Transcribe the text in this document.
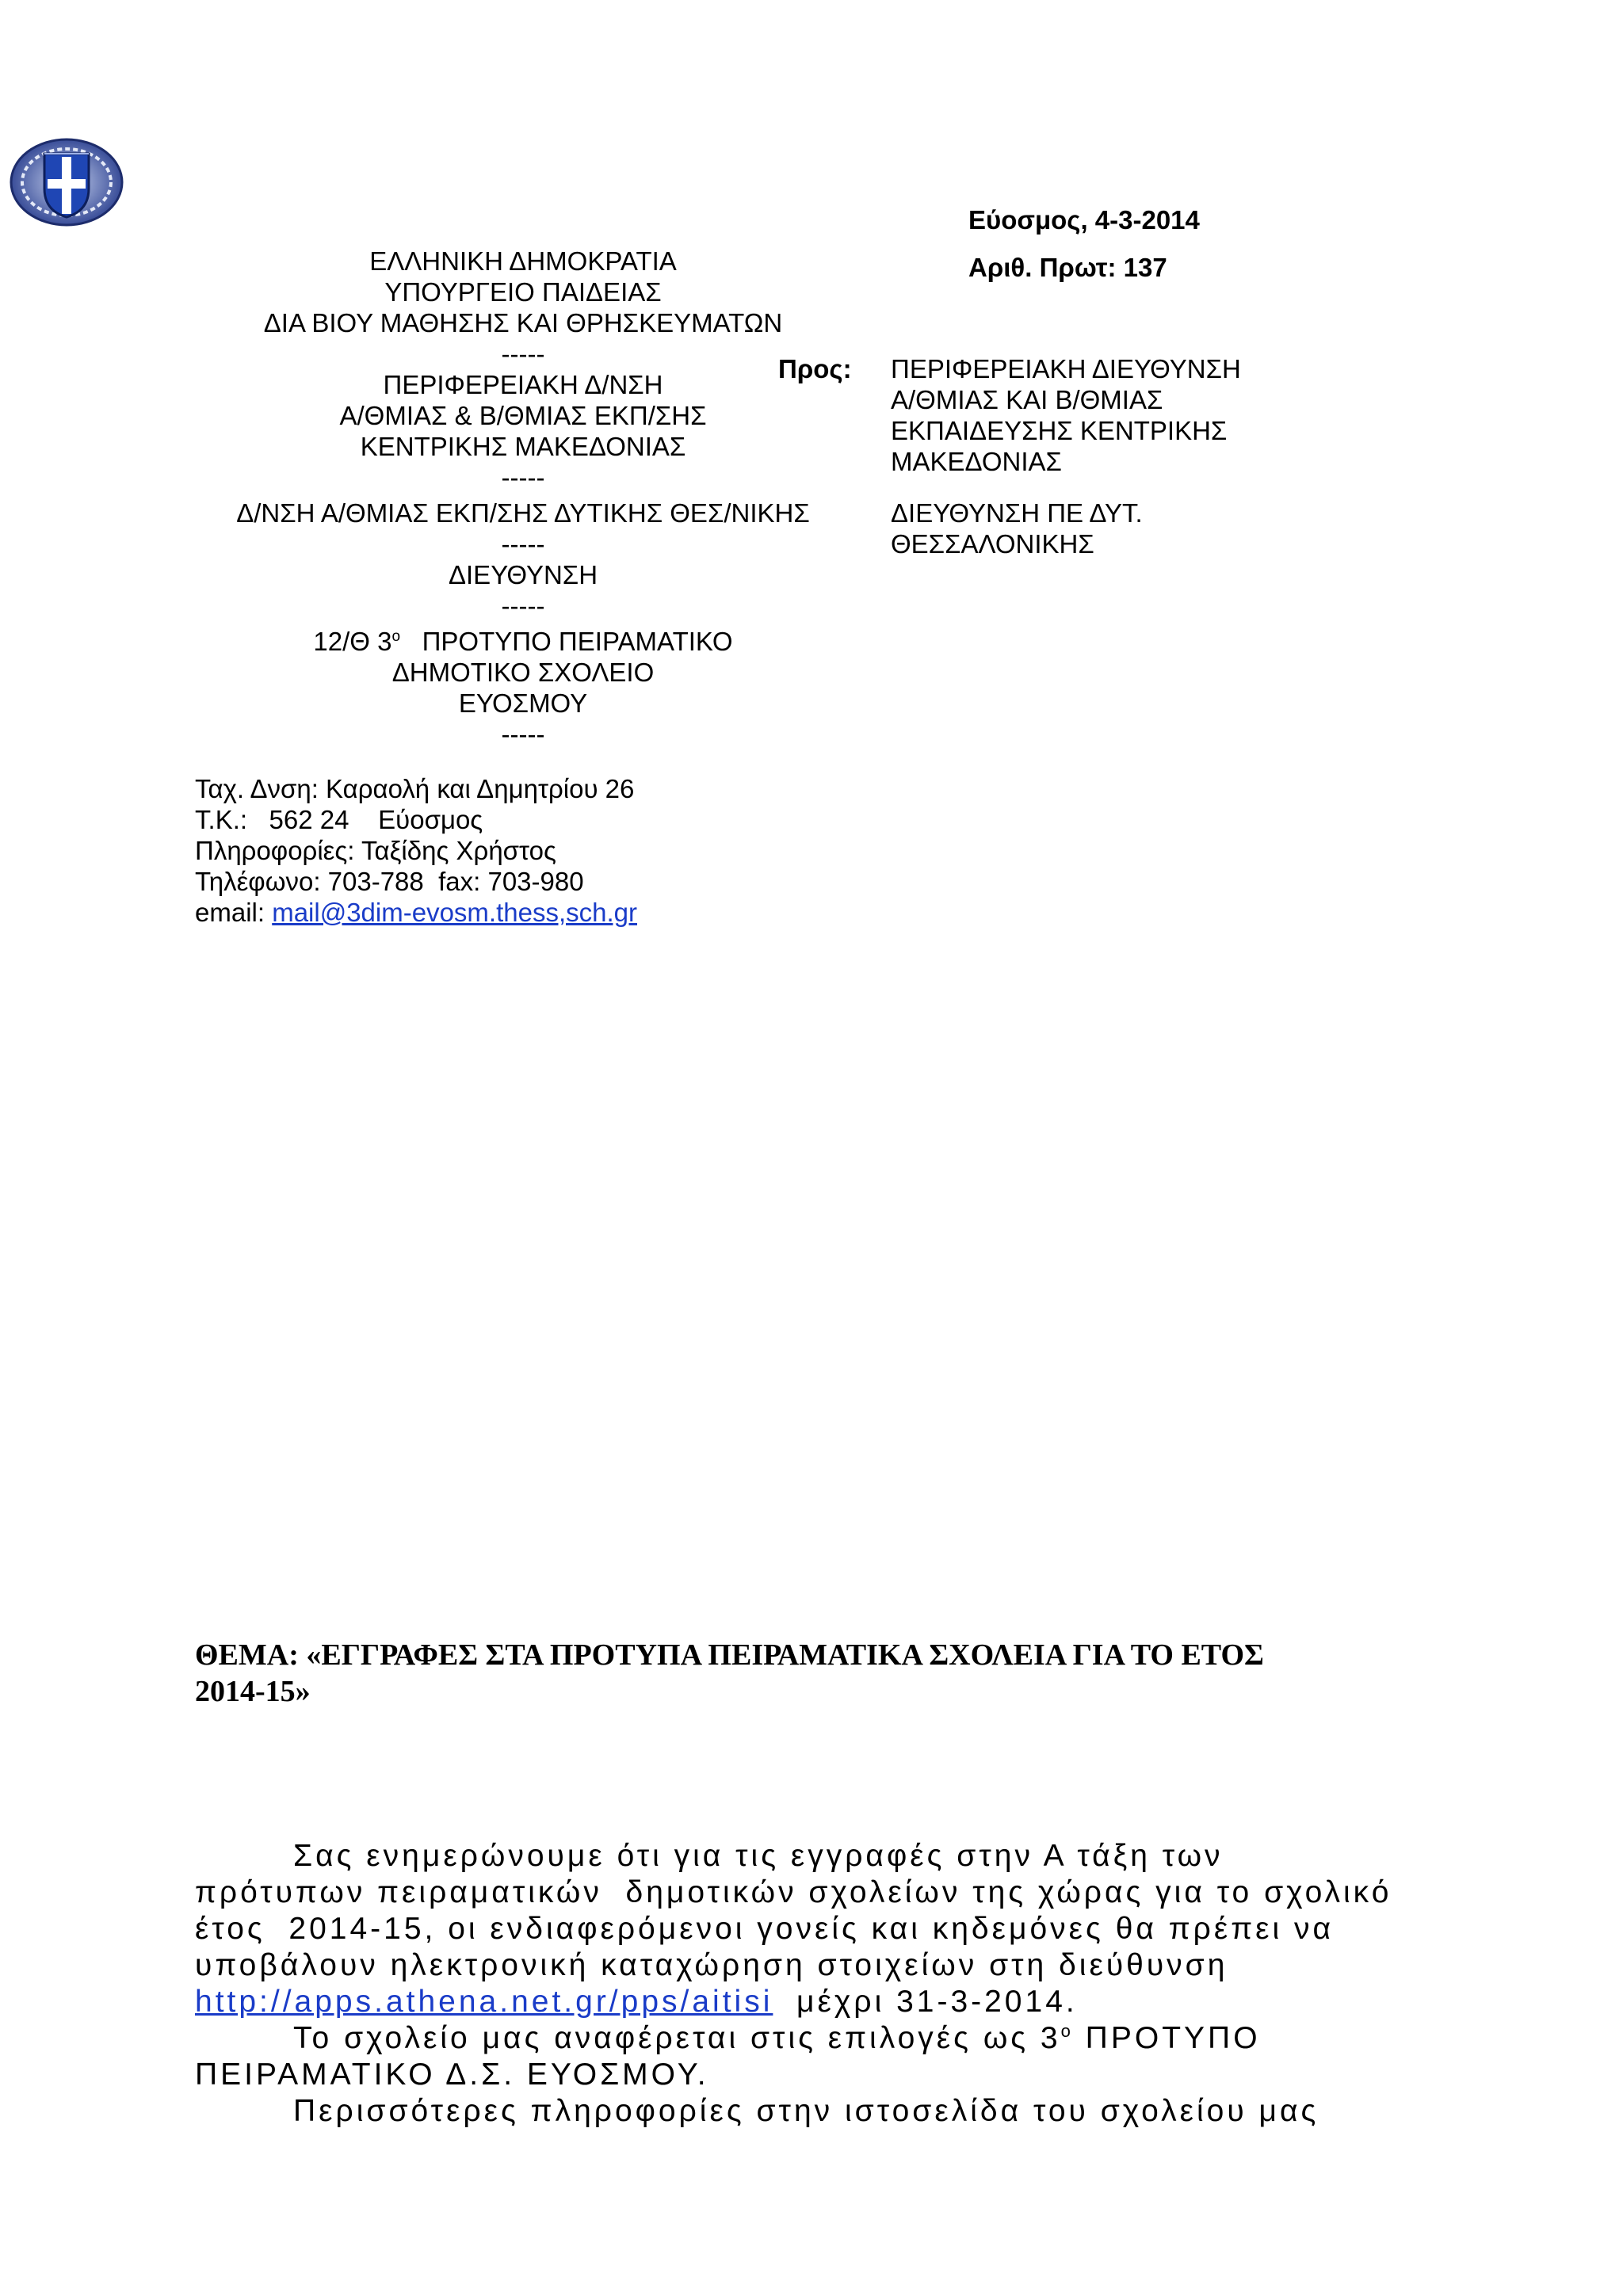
ΕΛΛΗΝΙΚΗ ΔΗΜΟΚΡΑΤΙΑ
ΥΠΟΥΡΓΕΙΟ ΠΑΙΔΕΙΑΣ
ΔΙΑ ΒΙΟΥ ΜΑΘΗΣΗΣ ΚΑΙ ΘΡΗΣΚΕΥΜΑΤΩΝ
-----
ΠΕΡΙΦΕΡΕΙΑΚΗ Δ/ΝΣΗ
Α/ΘΜΙΑΣ & Β/ΘΜΙΑΣ ΕΚΠ/ΣΗΣ
ΚΕΝΤΡΙΚΗΣ ΜΑΚΕΔΟΝΙΑΣ
-----
Δ/ΝΣΗ Α/ΘΜΙΑΣ ΕΚΠ/ΣΗΣ ΔΥΤΙΚΗΣ ΘΕΣ/ΝΙΚΗΣ
-----
ΔΙΕΥΘΥΝΣΗ
-----
12/Θ $3^o$   ΠΡΟΤΥΠΟ ΠΕΙΡΑΜΑΤΙΚΟ
ΔΗΜΟΤΙΚΟ ΣΧΟΛΕΙΟ
ΕΥΟΣΜΟΥ
-----
Ταχ. Δνση: Καραολή και Δημητρίου 26
Τ.Κ.:   562 24    Εύοσμος
Πληροφορίες: Ταξίδης Χρήστος
Τηλέφωνο: 703-788  fax: 703-980
email: mail@3dim-evosm.thess,sch.gr
Εύοσμος, 4-3-2014
Αριθ. Πρωτ: 137
Προς: ΠΕΡΙΦΕΡΕΙΑΚΗ ΔΙΕΥΘΥΝΣΗ
Α/ΘΜΙΑΣ ΚΑΙ Β/ΘΜΙΑΣ
ΕΚΠΑΙΔΕΥΣΗΣ ΚΕΝΤΡΙΚΗΣ
ΜΑΚΕΔΟΝΙΑΣ
ΔΙΕΥΘΥΝΣΗ ΠΕ ΔΥΤ.
ΘΕΣΣΑΛΟΝΙΚΗΣ
ΘΕΜΑ: «ΕΓΓΡΑΦΕΣ ΣΤΑ ΠΡΟΤΥΠΑ ΠΕΙΡΑΜΑΤΙΚΑ ΣΧΟΛΕΙΑ ΓΙΑ ΤΟ ΕΤΟΣ
2014-15»
Σας ενημερώνουμε ότι για τις εγγραφές στην Α τάξη των
πρότυπων πειραματικών  δημοτικών σχολείων της χώρας για το σχολικό
έτος  2014-15, οι ενδιαφερόμενοι γονείς και κηδεμόνες θα πρέπει να
υποβάλουν ηλεκτρονική καταχώρηση στοιχείων στη διεύθυνση
http://apps.athena.net.gr/pps/aitisi  μέχρι 31-3-2014.
Το σχολείο μας αναφέρεται στις επιλογές ως $3^o$ ΠΡΟΤΥΠΟ
ΠΕΙΡΑΜΑΤΙΚΟ Δ.Σ. ΕΥΟΣΜΟΥ.
Περισσότερες πληροφορίες στην ιστοσελίδα του σχολείου μας
